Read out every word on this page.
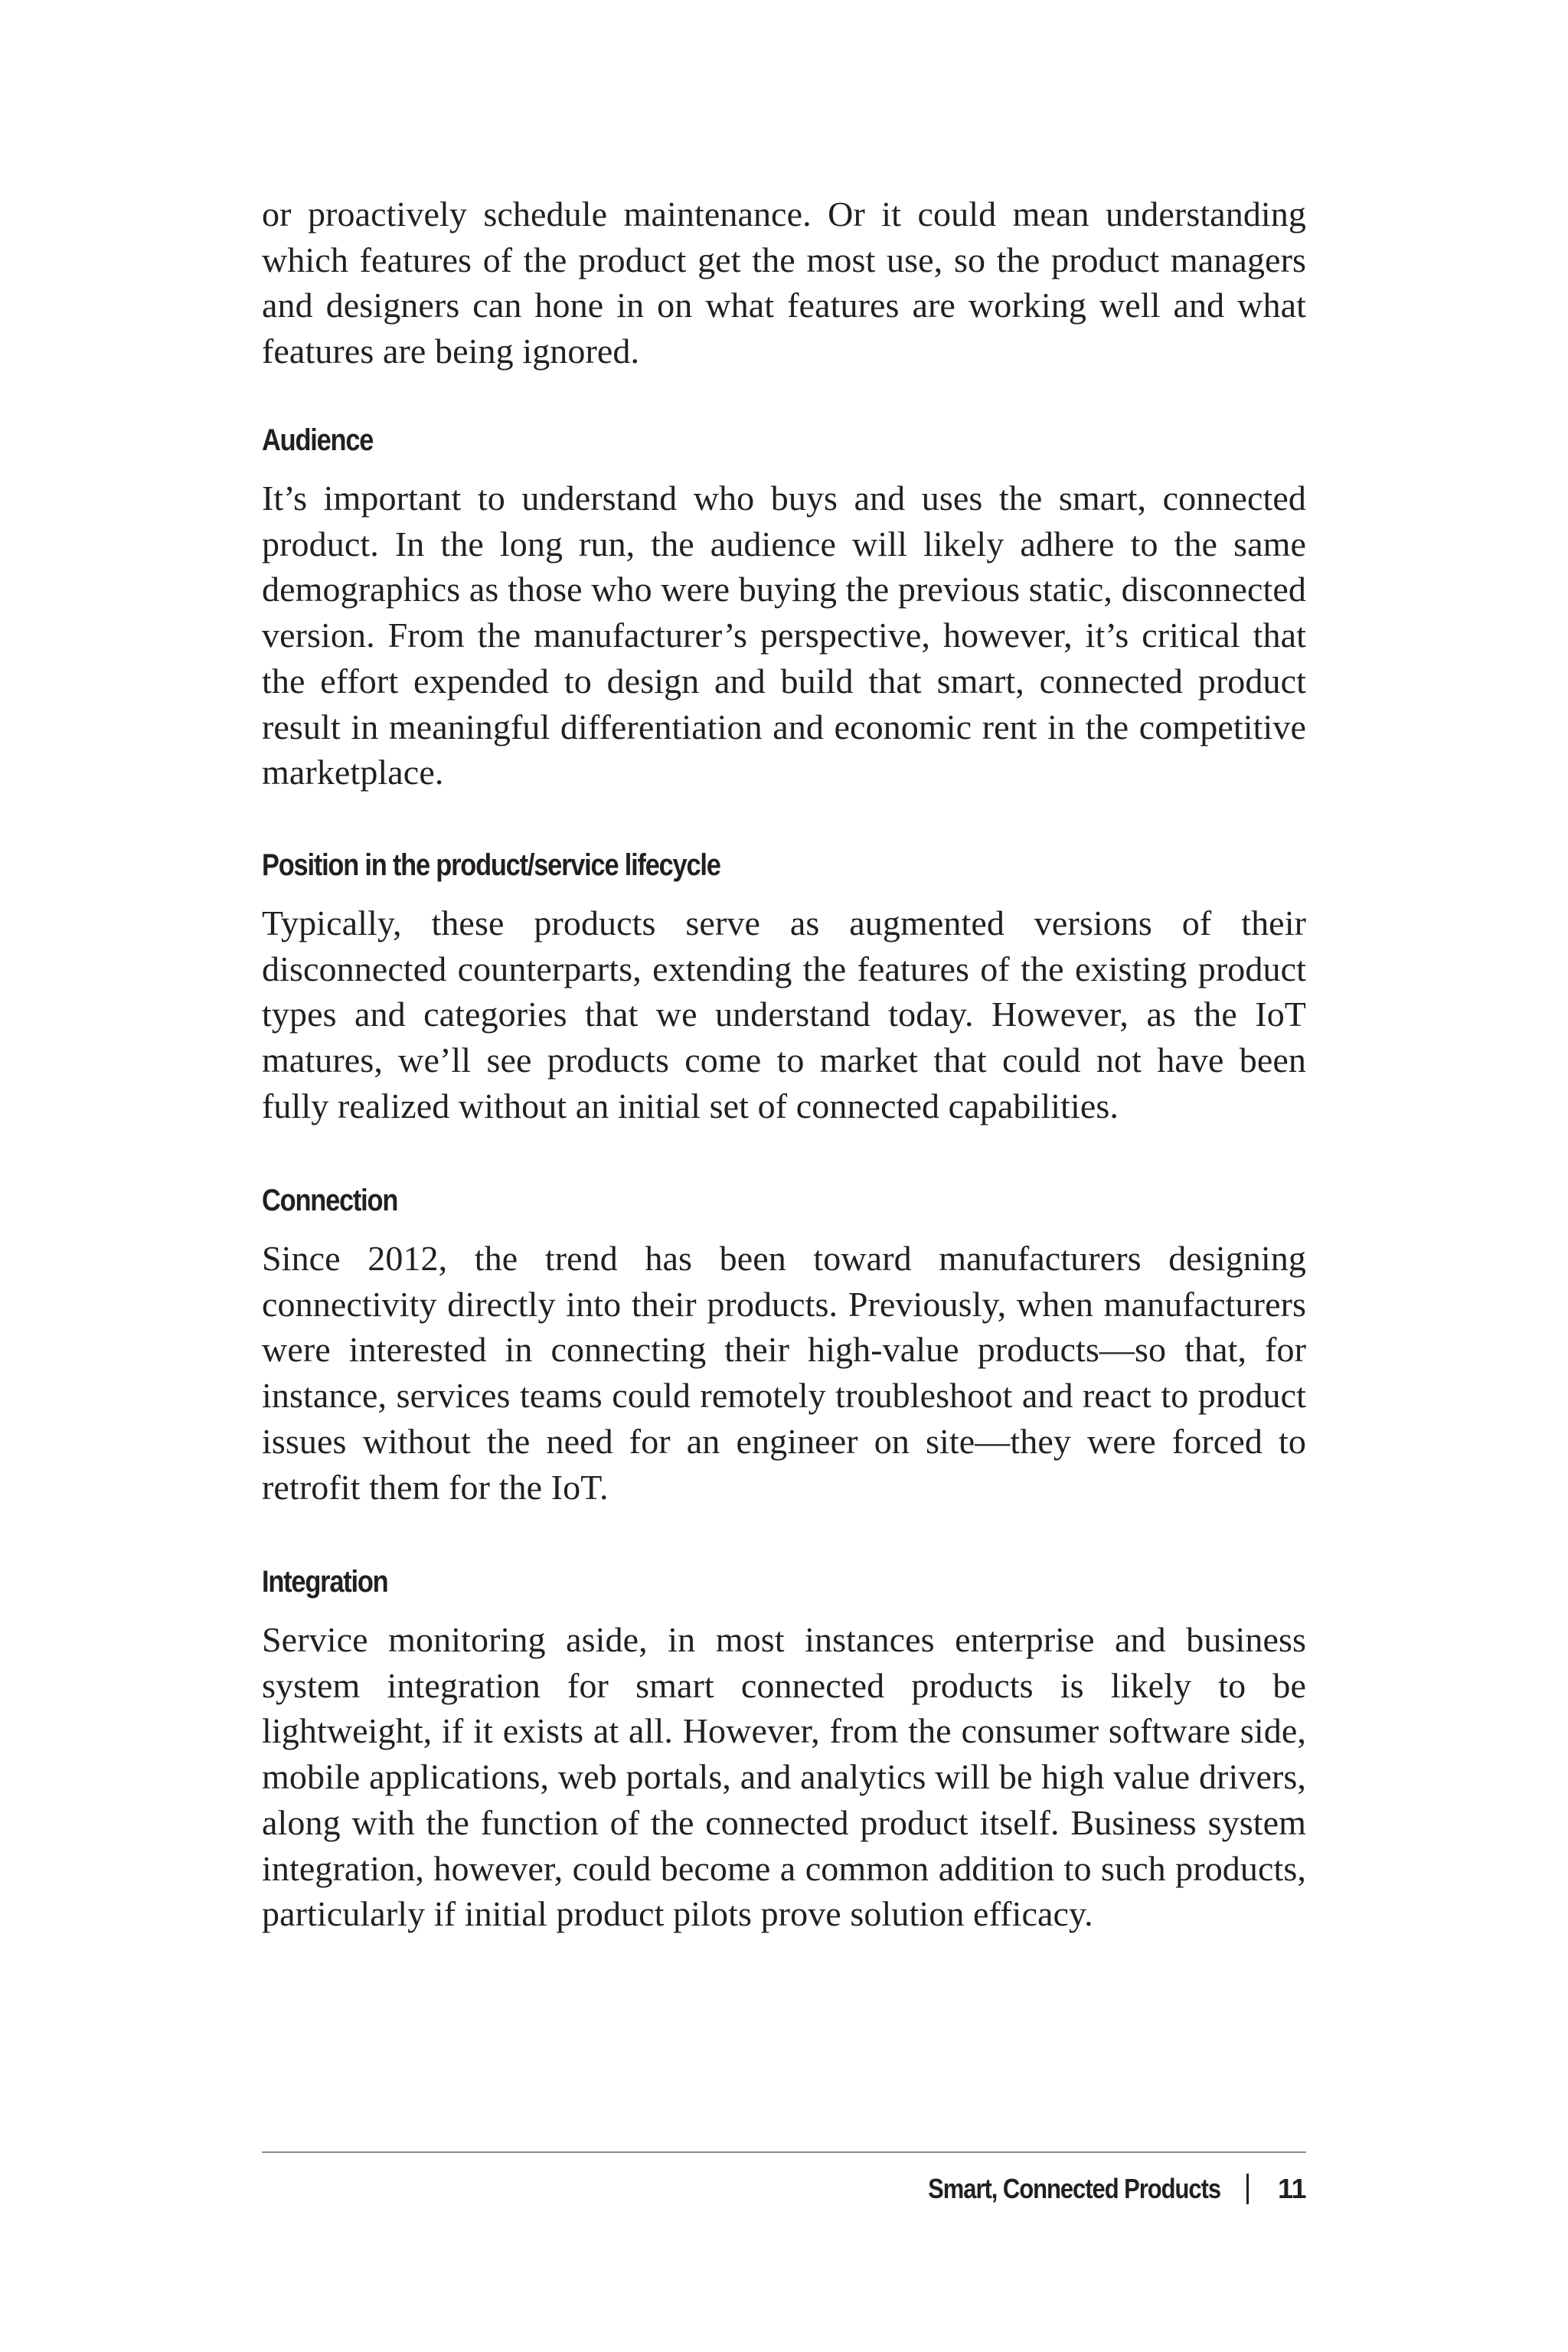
or proactively schedule maintenance. Or it could mean understanding which features of the product get the most use, so the product managers and designers can hone in on what features are working well and what features are being ignored.

Audience

It’s important to understand who buys and uses the smart, connected product. In the long run, the audience will likely adhere to the same demographics as those who were buying the previous static, disconnected version. From the manufacturer’s perspective, however, it’s critical that the effort expended to design and build that smart, connected product result in meaningful differentiation and economic rent in the competitive marketplace.

Position in the product/service lifecycle

Typically, these products serve as augmented versions of their disconnected counterparts, extending the features of the existing product types and categories that we understand today. However, as the IoT matures, we’ll see products come to market that could not have been fully realized without an initial set of connected capabilities.

Connection

Since 2012, the trend has been toward manufacturers designing connectivity directly into their products. Previously, when manufacturers were interested in connecting their high-value products—so that, for instance, services teams could remotely troubleshoot and react to product issues without the need for an engineer on site—they were forced to retrofit them for the IoT.

Integration

Service monitoring aside, in most instances enterprise and business system integration for smart connected products is likely to be lightweight, if it exists at all. However, from the consumer software side, mobile applications, web portals, and analytics will be high value drivers, along with the function of the connected product itself. Business system integration, however, could become a common addition to such products, particularly if initial product pilots prove solution efficacy.

Smart, Connected Products 11
